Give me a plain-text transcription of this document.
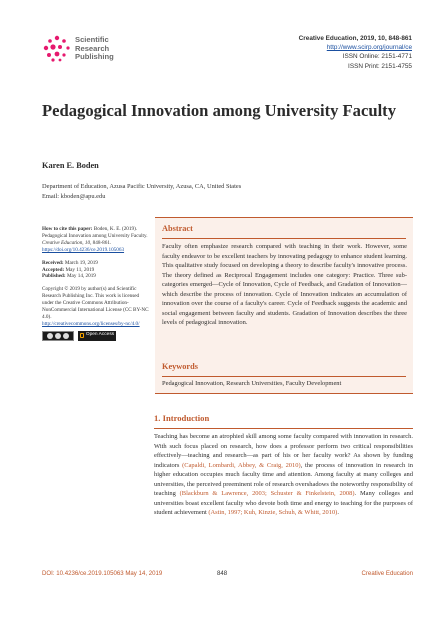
Scientific
Research
Publishing
Creative Education, 2019, 10, 848-861
http://www.scirp.org/journal/ce
ISSN Online: 2151-4771
ISSN Print: 2151-4755
Pedagogical Innovation among University Faculty
Karen E. Boden
Department of Education, Azusa Pacific University, Azusa, CA, United States
Email: kboden@apu.edu
How to cite this paper: Boden, K. E. (2019). Pedagogical Innovation among University Faculty. Creative Education, 10, 848-861.
https://doi.org/10.4236/ce.2019.105063
Received: March 19, 2019
Accepted: May 11, 2019
Published: May 14, 2019
Copyright © 2019 by author(s) and Scientific Research Publishing Inc. This work is licensed under the Creative Commons Attribution-NonCommercial International License (CC BY-NC 4.0).
http://creativecommons.org/licenses/by-nc/4.0/
Open Access
Abstract
Faculty often emphasize research compared with teaching in their work. However, some faculty endeavor to be excellent teachers by innovating pedagogy to enhance student learning. This qualitative study focused on developing a theory to describe faculty's innovative process. The theory defined as Reciprocal Engagement includes one category: Practice. Three sub-categories emerged—Cycle of Innovation, Cycle of Feedback, and Gradation of Innovation—which describe the process of innovation. Cycle of Innovation indicates an accumulation of innovation over the course of a faculty's career. Cycle of Feedback suggests the academic and social engagement between faculty and students. Gradation of Innovation describes the three levels of pedagogical innovation.
Keywords
Pedagogical Innovation, Research Universities, Faculty Development
1. Introduction
Teaching has become an atrophied skill among some faculty compared with innovation in research. With such focus placed on research, how does a professor perform two critical responsibilities effectively—teaching and research—as part of his or her faculty work? As shown by funding indicators (Capaldi, Lombardi, Abbey, & Craig, 2010), the process of innovation in research in higher education occupies much faculty time and attention. Among faculty at many colleges and universities, the perceived preeminent role of research overshadows the noteworthy responsibility of teaching (Blackburn & Lawrence, 2003; Schuster & Finkelstein, 2008). Many colleges and universities boast excellent faculty who devote both time and energy to teaching for the purposes of student achievement (Astin, 1997; Kuh, Kinzie, Schuh, & Whitt, 2010).
DOI: 10.4236/ce.2019.105063 May 14, 2019	848	Creative Education
